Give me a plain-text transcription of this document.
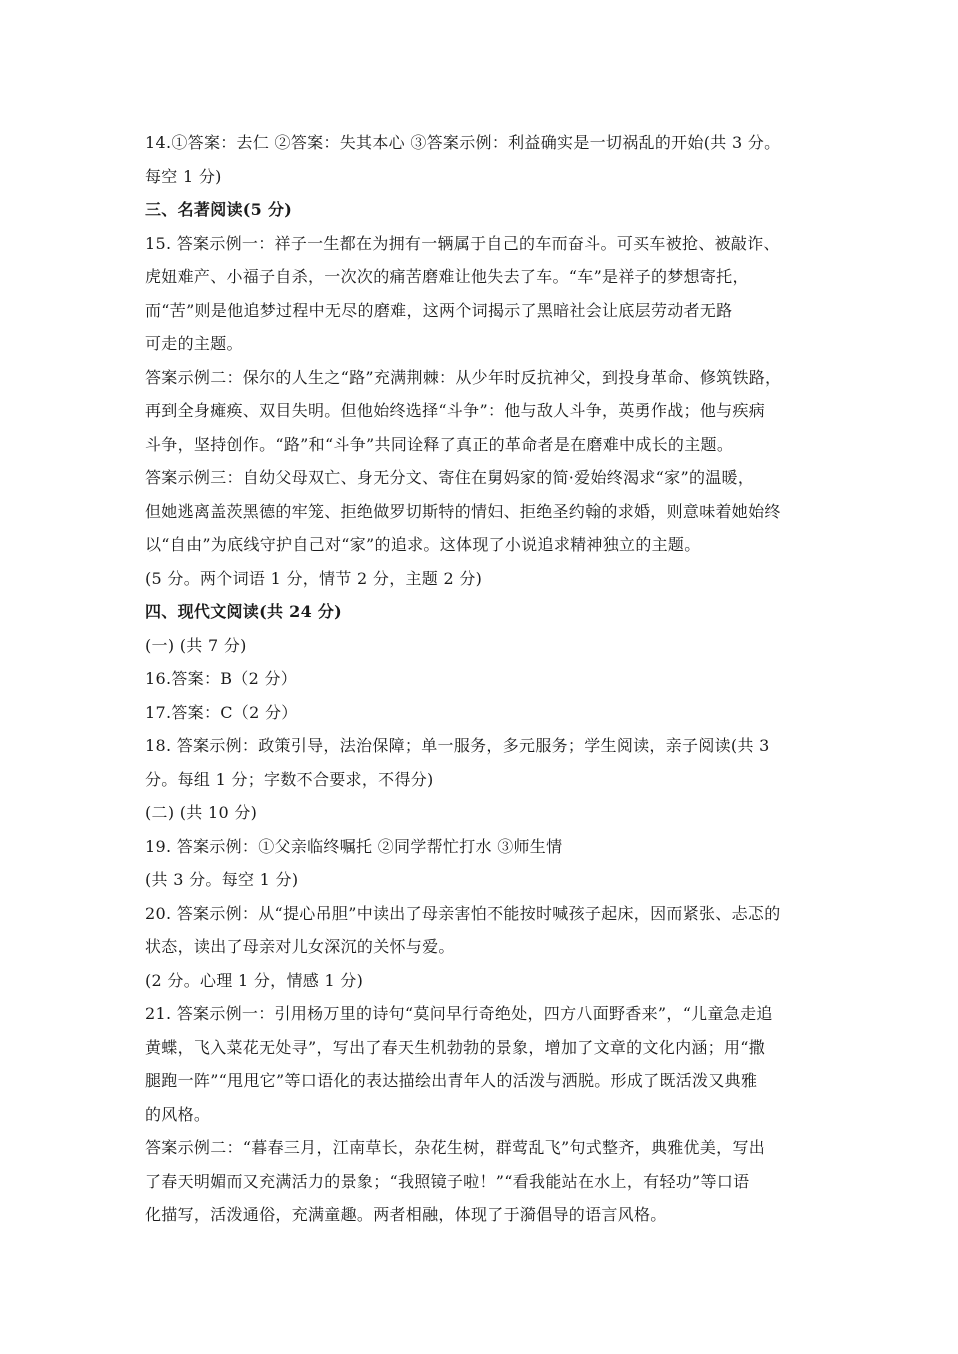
14.①答案：去仁 ②答案：失其本心 ③答案示例：利益确实是一切祸乱的开始(共 3 分。
每空 1 分)
三、名著阅读(5 分)
15. 答案示例一：祥子一生都在为拥有一辆属于自己的车而奋斗。可买车被抢、被敲诈、
虎妞难产、小福子自杀，一次次的痛苦磨难让他失去了车。“车”是祥子的梦想寄托，
而“苦”则是他追梦过程中无尽的磨难，这两个词揭示了黑暗社会让底层劳动者无路
可走的主题。
答案示例二：保尔的人生之“路”充满荆棘：从少年时反抗神父，到投身革命、修筑铁路，
再到全身瘫痪、双目失明。但他始终选择“斗争”：他与敌人斗争，英勇作战；他与疾病
斗争，坚持创作。“路”和“斗争”共同诠释了真正的革命者是在磨难中成长的主题。
答案示例三：自幼父母双亡、身无分文、寄住在舅妈家的简·爱始终渴求“家”的温暖，
但她逃离盖茨黑德的牢笼、拒绝做罗切斯特的情妇、拒绝圣约翰的求婚，则意味着她始终
以“自由”为底线守护自己对“家”的追求。这体现了小说追求精神独立的主题。
(5 分。两个词语 1 分，情节 2 分，主题 2 分)
四、现代文阅读(共 24 分)
(一) (共 7 分)
16.答案：B（2 分）
17.答案：C（2 分）
18. 答案示例：政策引导，法治保障；单一服务，多元服务；学生阅读，亲子阅读(共 3
分。每组 1 分；字数不合要求，不得分)
(二) (共 10 分)
19. 答案示例：①父亲临终嘱托 ②同学帮忙打水 ③师生情
(共 3 分。每空 1 分)
20. 答案示例：从“提心吊胆”中读出了母亲害怕不能按时喊孩子起床，因而紧张、忐忑的
状态，读出了母亲对儿女深沉的关怀与爱。
(2 分。心理 1 分，情感 1 分)
21. 答案示例一：引用杨万里的诗句“莫问早行奇绝处，四方八面野香来”，“儿童急走追
黄蝶，飞入菜花无处寻”，写出了春天生机勃勃的景象，增加了文章的文化内涵；用“撒
腿跑一阵”“甩甩它”等口语化的表达描绘出青年人的活泼与洒脱。形成了既活泼又典雅
的风格。
答案示例二：“暮春三月，江南草长，杂花生树，群莺乱飞”句式整齐，典雅优美，写出
了春天明媚而又充满活力的景象；“我照镜子啦！”“看我能站在水上，有轻功”等口语
化描写，活泼通俗，充满童趣。两者相融，体现了于漪倡导的语言风格。
